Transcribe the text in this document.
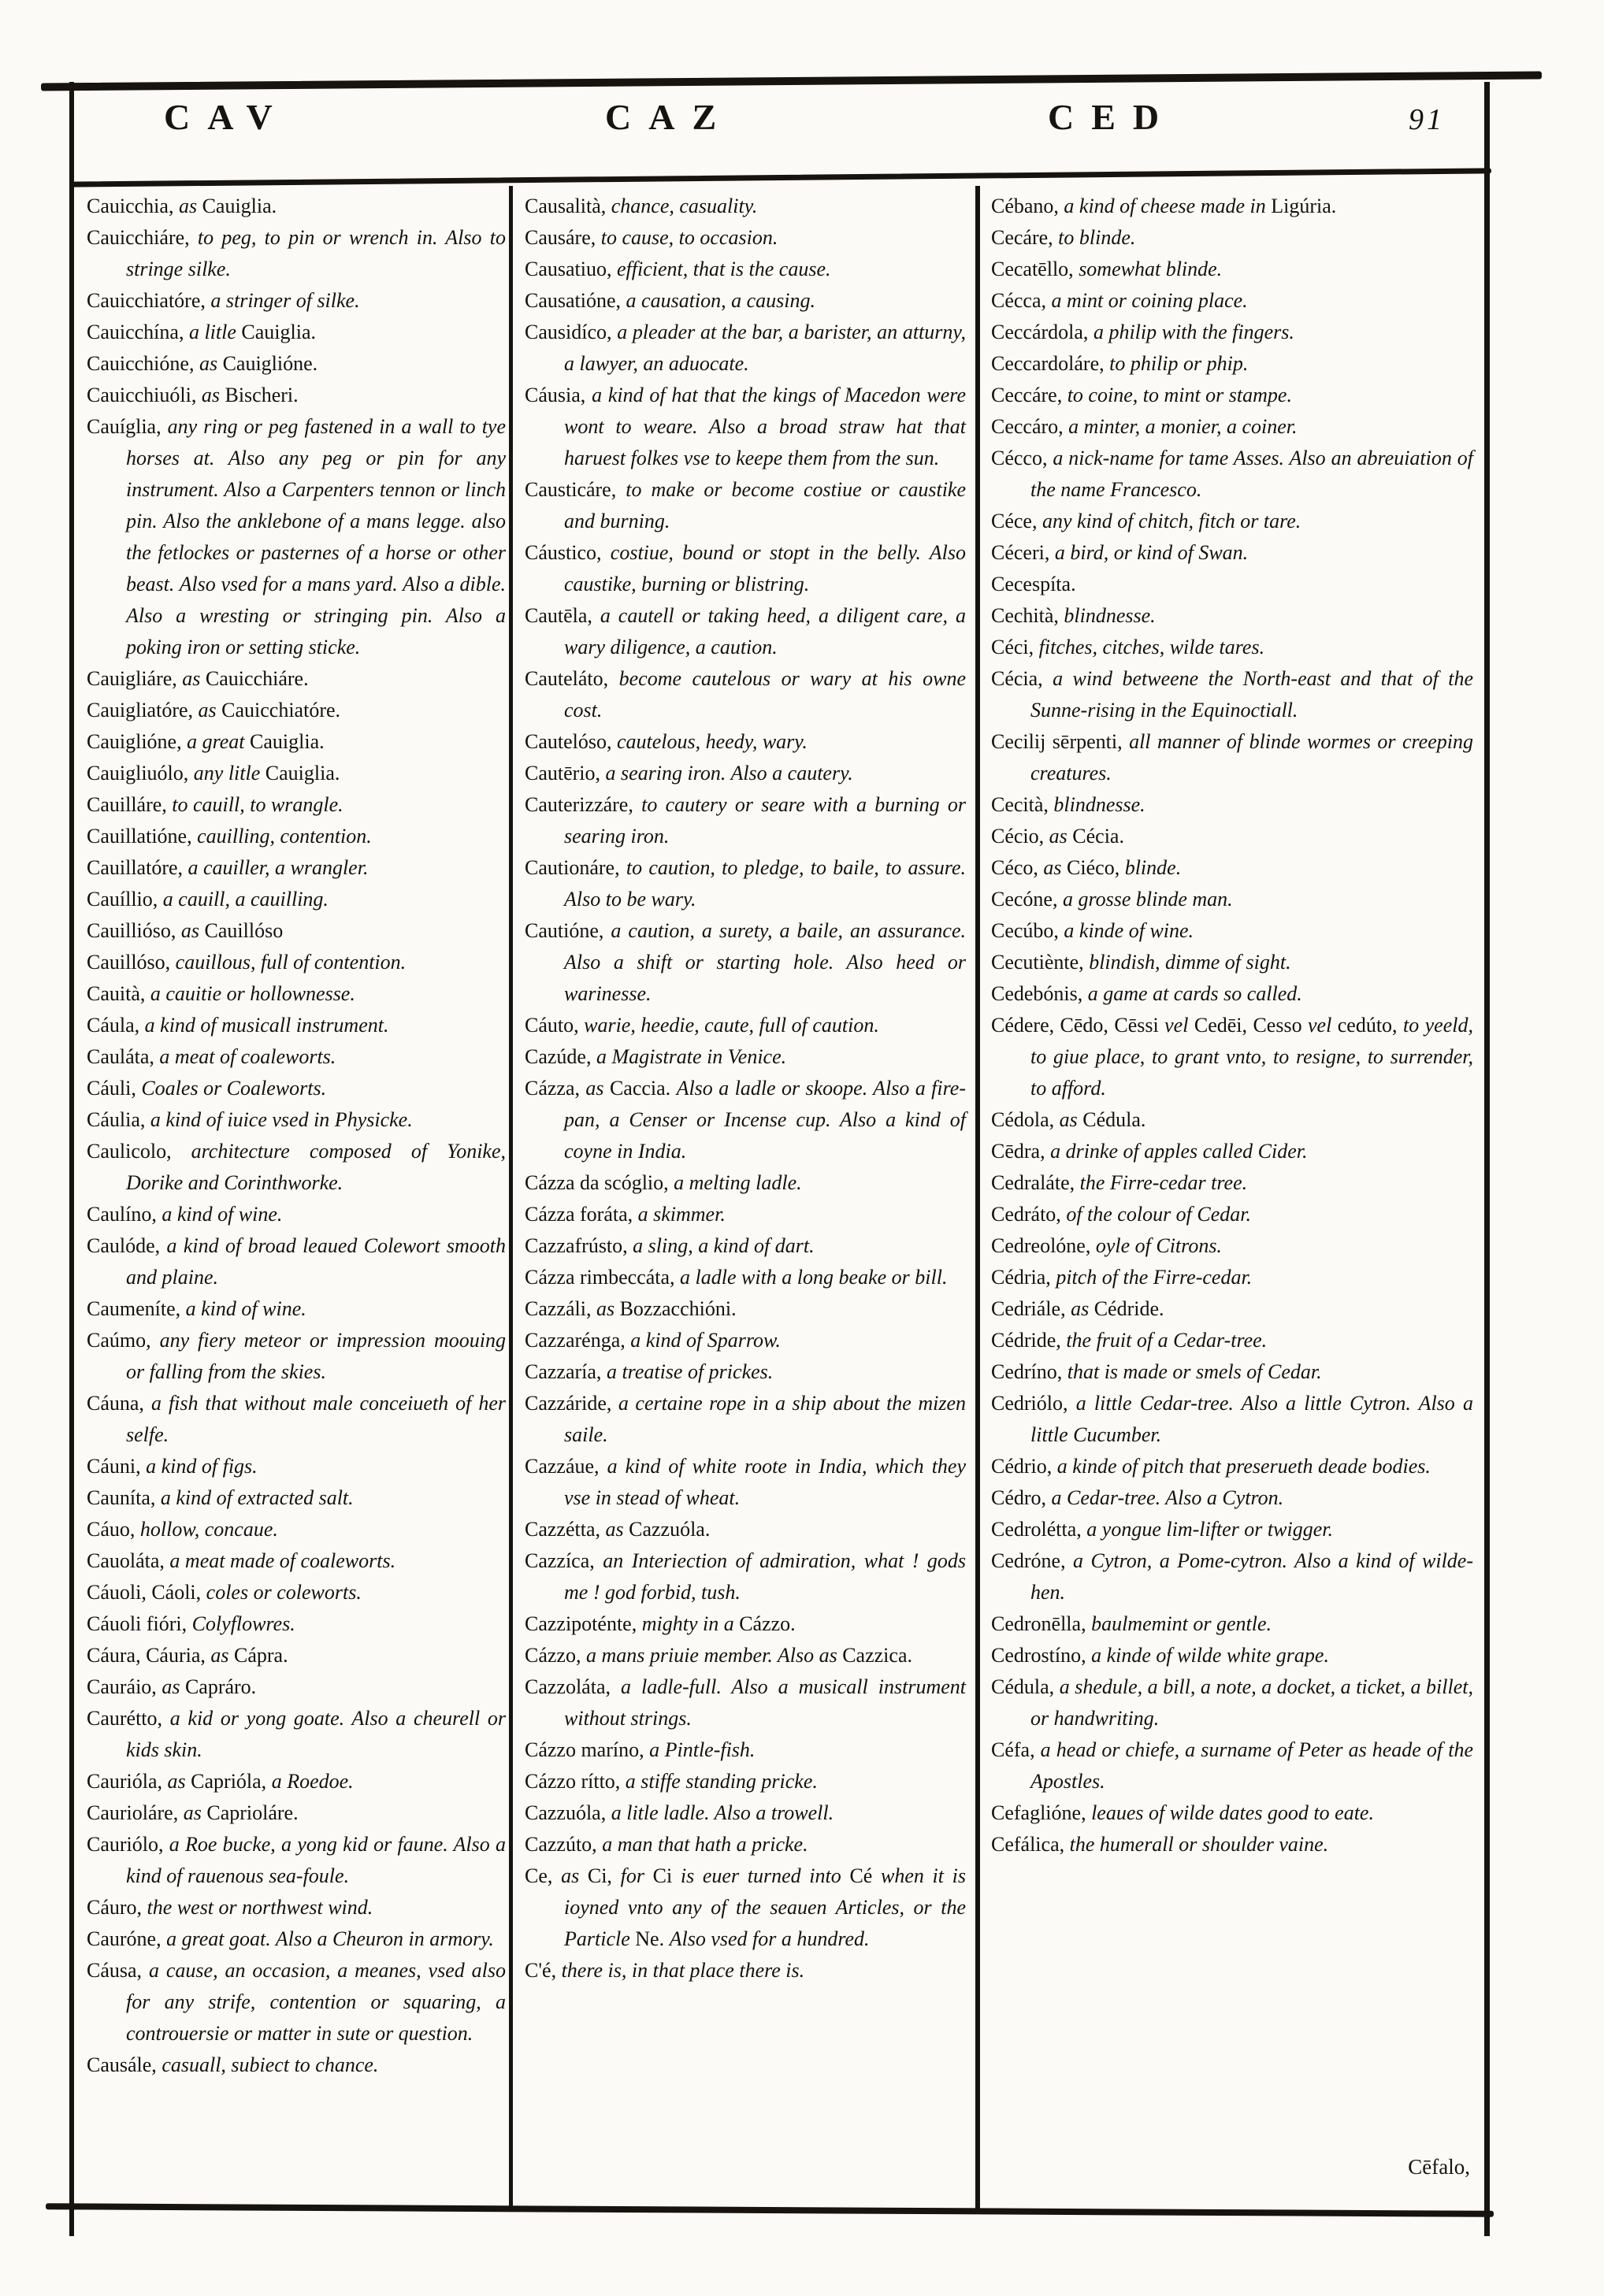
CAV	CAZ	CED	91

Cauicchia, as Cauiglia.

Cauicchiáre, to peg, to pin or wrench in. Also to stringe silke.

Cauicchiatóre, a stringer of silke.

Cauicchína, a litle Cauiglia.

Cauicchióne, as Cauiglióne.

Cauicchiuóli, as Bischeri.

Cauíglia, any ring or peg fastened in a wall to tye horses at. Also any peg or pin for any instrument. Also a Carpenters tennon or linch pin. Also the anklebone of a mans legge. also the fetlockes or pasternes of a horse or other beast. Also vsed for a mans yard. Also a dible. Also a wresting or stringing pin. Also a poking iron or setting sticke.

Cauigliáre, as Cauicchiáre.

Cauigliatóre, as Cauicchiatóre.

Cauiglióne, a great Cauiglia.

Cauigliuólo, any litle Cauiglia.

Cauilláre, to cauill, to wrangle.

Cauillatióne, cauilling, contention.

Cauillatóre, a cauiller, a wrangler.

Cauíllio, a cauill, a cauilling.

Cauillióso, as Cauillóso

Cauillóso, cauillous, full of contention.

Cauità, a cauitie or hollownesse.

Cáula, a kind of musicall instrument.

Cauláta, a meat of coaleworts.

Cáuli, Coales or Coaleworts.

Cáulia, a kind of iuice vsed in Physicke.

Caulicolo, architecture composed of Yonike, Dorike and Corinthworke.

Caulíno, a kind of wine.

Caulóde, a kind of broad leaued Colewort smooth and plaine.

Caumeníte, a kind of wine.

Caúmo, any fiery meteor or impression moouing or falling from the skies.

Cáuna, a fish that without male conceiueth of her selfe.

Cáuni, a kind of figs.

Cauníta, a kind of extracted salt.

Cáuo, hollow, concaue.

Cauoláta, a meat made of coaleworts.

Cáuoli, Cáoli, coles or coleworts.

Cáuoli fióri, Colyflowres.

Cáura, Cáuria, as Cápra.

Cauráio, as Capráro.

Caurétto, a kid or yong goate. Also a cheurell or kids skin.

Caurióla, as Caprióla, a Roedoe.

Caurioláre, as Caprioláre.

Cauriólo, a Roe bucke, a yong kid or faune. Also a kind of rauenous sea-foule.

Cáuro, the west or northwest wind.

Cauróne, a great goat. Also a Cheuron in armory.

Cáusa, a cause, an occasion, a meanes, vsed also for any strife, contention or squaring, a controuersie or matter in sute or question.

Causále, casuall, subiect to chance.

Causalità, chance, casuality.

Causáre, to cause, to occasion.

Causatiuo, efficient, that is the cause.

Causatióne, a causation, a causing.

Causidíco, a pleader at the bar, a barister, an atturny, a lawyer, an aduocate.

Cáusia, a kind of hat that the kings of Macedon were wont to weare. Also a broad straw hat that haruest folkes vse to keepe them from the sun.

Causticáre, to make or become costiue or caustike and burning.

Cáustico, costiue, bound or stopt in the belly. Also caustike, burning or blistring.

Cautēla, a cautell or taking heed, a diligent care, a wary diligence, a caution.

Cauteláto, become cautelous or wary at his owne cost.

Cautelóso, cautelous, heedy, wary.

Cautērio, a searing iron. Also a cautery.

Cauterizzáre, to cautery or seare with a burning or searing iron.

Cautionáre, to caution, to pledge, to baile, to assure. Also to be wary.

Cautióne, a caution, a surety, a baile, an assurance. Also a shift or starting hole. Also heed or warinesse.

Cáuto, warie, heedie, caute, full of caution.

Cazúde, a Magistrate in Venice.

Cázza, as Caccia. Also a ladle or skoope. Also a fire-pan, a Censer or Incense cup. Also a kind of coyne in India.

Cázza da scóglio, a melting ladle.

Cázza foráta, a skimmer.

Cazzafrústo, a sling, a kind of dart.

Cázza rimbeccáta, a ladle with a long beake or bill.

Cazzáli, as Bozzacchióni.

Cazzarénga, a kind of Sparrow.

Cazzaría, a treatise of prickes.

Cazzáride, a certaine rope in a ship about the mizen saile.

Cazzáue, a kind of white roote in India, which they vse in stead of wheat.

Cazzétta, as Cazzuóla.

Cazzíca, an Interiection of admiration, what ! gods me ! god forbid, tush.

Cazzipoténte, mighty in a Cázzo.

Cázzo, a mans priuie member. Also as Cazzica.

Cazzoláta, a ladle-full. Also a musicall instrument without strings.

Cázzo maríno, a Pintle-fish.

Cázzo rítto, a stiffe standing pricke.

Cazzuóla, a litle ladle. Also a trowell.

Cazzúto, a man that hath a pricke.

Ce, as Ci, for Ci is euer turned into Cé when it is ioyned vnto any of the seauen Articles, or the Particle Ne. Also vsed for a hundred.

C'é, there is, in that place there is.

Cébano, a kind of cheese made in Ligúria.

Cecáre, to blinde.

Cecatēllo, somewhat blinde.

Cécca, a mint or coining place.

Ceccárdola, a philip with the fingers.

Ceccardoláre, to philip or phip.

Ceccáre, to coine, to mint or stampe.

Ceccáro, a minter, a monier, a coiner.

Cécco, a nick-name for tame Asses. Also an abreuiation of the name Francesco.

Céce, any kind of chitch, fitch or tare.

Céceri, a bird, or kind of Swan.

Cecespíta.

Cechità, blindnesse.

Céci, fitches, citches, wilde tares.

Cécia, a wind betweene the North-east and that of the Sunne-rising in the Equinoctiall.

Cecilij sērpenti, all manner of blinde wormes or creeping creatures.

Cecità, blindnesse.

Cécio, as Cécia.

Céco, as Ciéco, blinde.

Cecóne, a grosse blinde man.

Cecúbo, a kinde of wine.

Cecutiènte, blindish, dimme of sight.

Cedebónis, a game at cards so called.

Cédere, Cēdo, Cēssi vel Cedēi, Cesso vel cedúto, to yeeld, to giue place, to grant vnto, to resigne, to surrender, to afford.

Cédola, as Cédula.

Cēdra, a drinke of apples called Cider.

Cedraláte, the Firre-cedar tree.

Cedráto, of the colour of Cedar.

Cedreolóne, oyle of Citrons.

Cédria, pitch of the Firre-cedar.

Cedriále, as Cédride.

Cédride, the fruit of a Cedar-tree.

Cedríno, that is made or smels of Cedar.

Cedriólo, a little Cedar-tree. Also a little Cytron. Also a little Cucumber.

Cédrio, a kinde of pitch that preserueth deade bodies.

Cédro, a Cedar-tree. Also a Cytron.

Cedrolétta, a yongue lim-lifter or twigger.

Cedróne, a Cytron, a Pome-cytron. Also a kind of wilde-hen.

Cedronēlla, baulmemint or gentle.

Cedrostíno, a kinde of wilde white grape.

Cédula, a shedule, a bill, a note, a docket, a ticket, a billet, or handwriting.

Céfa, a head or chiefe, a surname of Peter as heade of the Apostles.

Cefaglióne, leaues of wilde dates good to eate.

Cefálica, the humerall or shoulder vaine.

Cēfalo,
